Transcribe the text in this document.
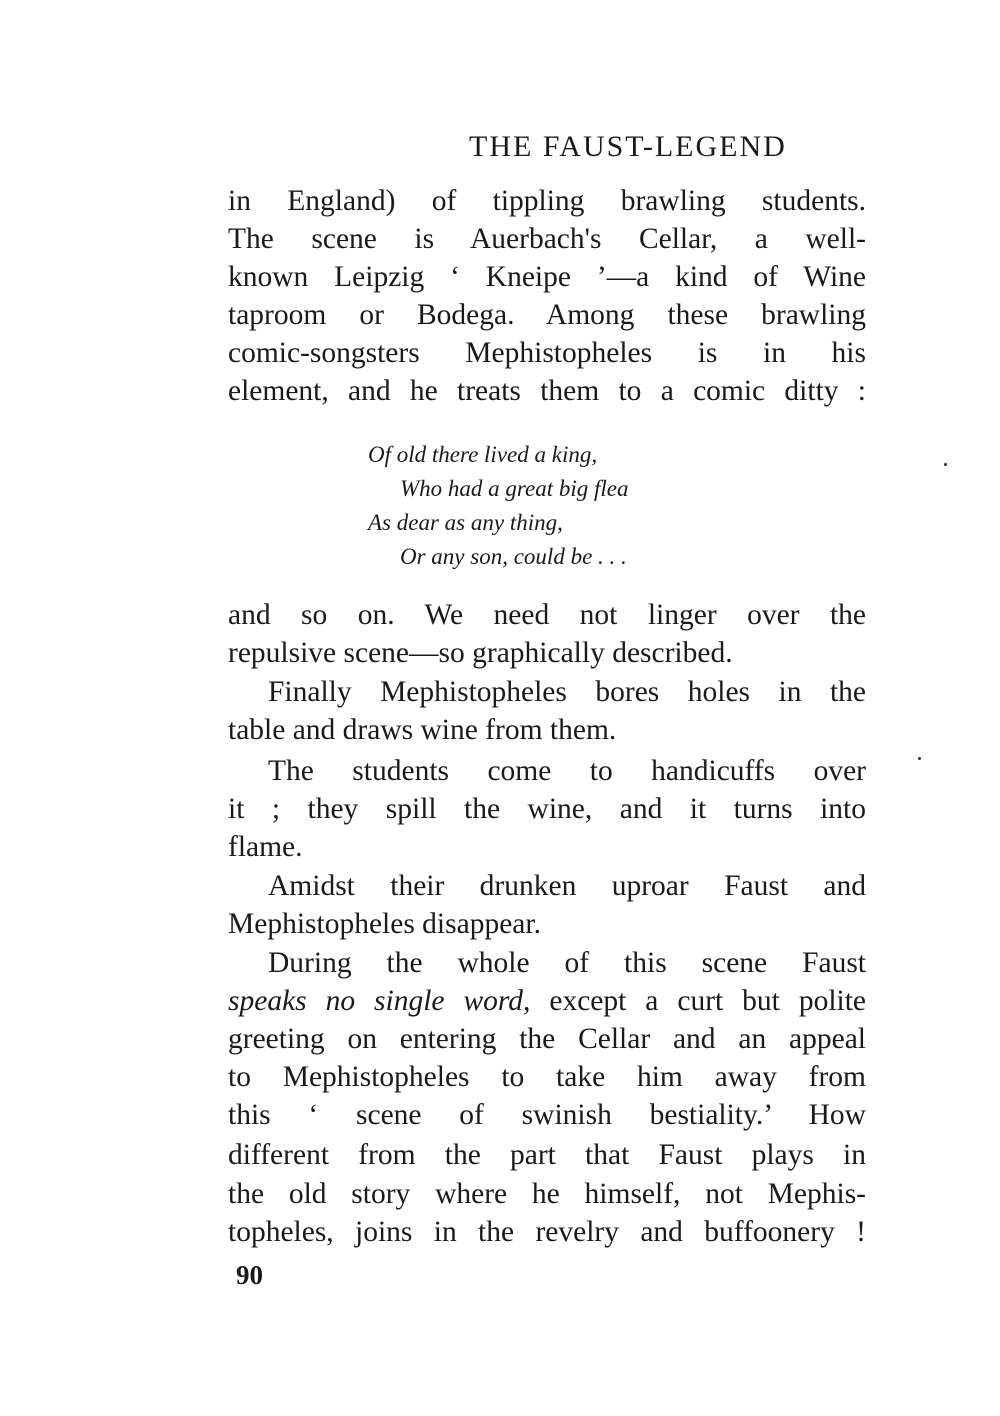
THE FAUST-LEGEND
in England) of tippling brawling students.
The scene is Auerbach's Cellar, a well-
known Leipzig ‘ Kneipe ’—a kind of Wine
taproom or Bodega. Among these brawling
comic-songsters Mephistopheles is in his
element, and he treats them to a comic ditty :
Of old there lived a king,
Who had a great big flea
As dear as any thing,
Or any son, could be . . .
and so on. We need not linger over the
repulsive scene—so graphically described.
Finally Mephistopheles bores holes in the
table and draws wine from them.
The students come to handicuffs over
it ; they spill the wine, and it turns into
flame.
Amidst their drunken uproar Faust and
Mephistopheles disappear.
During the whole of this scene Faust
speaks no single word, except a curt but polite
greeting on entering the Cellar and an appeal
to Mephistopheles to take him away from
this ‘ scene of swinish bestiality.’ How
different from the part that Faust plays in
the old story where he himself, not Mephis-
topheles, joins in the revelry and buffoonery !
90
